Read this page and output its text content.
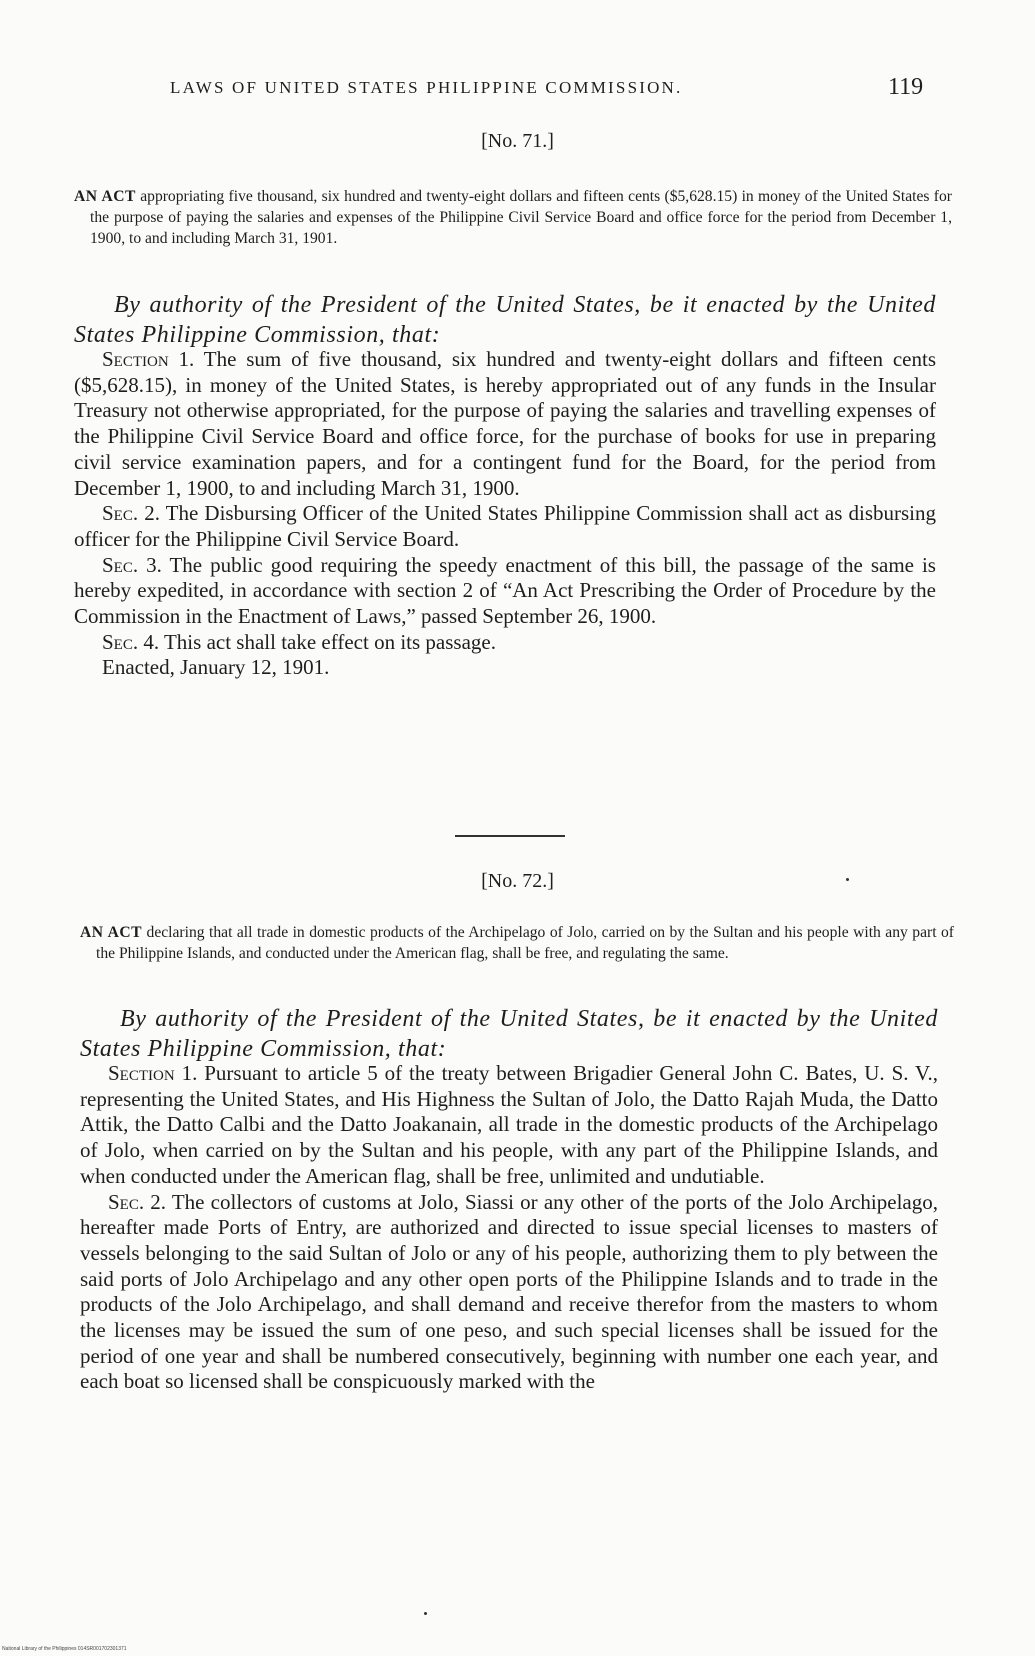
LAWS OF UNITED STATES PHILIPPINE COMMISSION.	119
[No. 71.]
AN ACT appropriating five thousand, six hundred and twenty-eight dollars and fifteen cents ($5,628.15) in money of the United States for the purpose of paying the salaries and expenses of the Philippine Civil Service Board and office force for the period from December 1, 1900, to and including March 31, 1901.
By authority of the President of the United States, be it enacted by the United States Philippine Commission, that:

Section 1. The sum of five thousand, six hundred and twenty-eight dollars and fifteen cents ($5,628.15), in money of the United States, is hereby appropriated out of any funds in the Insular Treasury not otherwise appropriated, for the purpose of paying the salaries and travelling expenses of the Philippine Civil Service Board and office force, for the purchase of books for use in preparing civil service examination papers, and for a contingent fund for the Board, for the period from December 1, 1900, to and including March 31, 1900.

Sec. 2. The Disbursing Officer of the United States Philippine Commission shall act as disbursing officer for the Philippine Civil Service Board.

Sec. 3. The public good requiring the speedy enactment of this bill, the passage of the same is hereby expedited, in accordance with section 2 of “An Act Prescribing the Order of Procedure by the Commission in the Enactment of Laws,” passed September 26, 1900.

Sec. 4. This act shall take effect on its passage.

Enacted, January 12, 1901.

[No. 72.]
AN ACT declaring that all trade in domestic products of the Archipelago of Jolo, carried on by the Sultan and his people with any part of the Philippine Islands, and conducted under the American flag, shall be free, and regulating the same.
By authority of the President of the United States, be it enacted by the United States Philippine Commission, that:

Section 1. Pursuant to article 5 of the treaty between Brigadier General John C. Bates, U. S. V., representing the United States, and His Highness the Sultan of Jolo, the Datto Rajah Muda, the Datto Attik, the Datto Calbi and the Datto Joakanain, all trade in the domestic products of the Archipelago of Jolo, when carried on by the Sultan and his people, with any part of the Philippine Islands, and when conducted under the American flag, shall be free, unlimited and undutiable.

Sec. 2. The collectors of customs at Jolo, Siassi or any other of the ports of the Jolo Archipelago, hereafter made Ports of Entry, are authorized and directed to issue special licenses to masters of vessels belonging to the said Sultan of Jolo or any of his people, authorizing them to ply between the said ports of Jolo Archipelago and any other open ports of the Philippine Islands and to trade in the products of the Jolo Archipelago, and shall demand and receive therefor from the masters to whom the licenses may be issued the sum of one peso, and such special licenses shall be issued for the period of one year and shall be numbered consecutively, beginning with number one each year, and each boat so licensed shall be conspicuously marked with the

National Library of the Philippines 014SR001702301371
